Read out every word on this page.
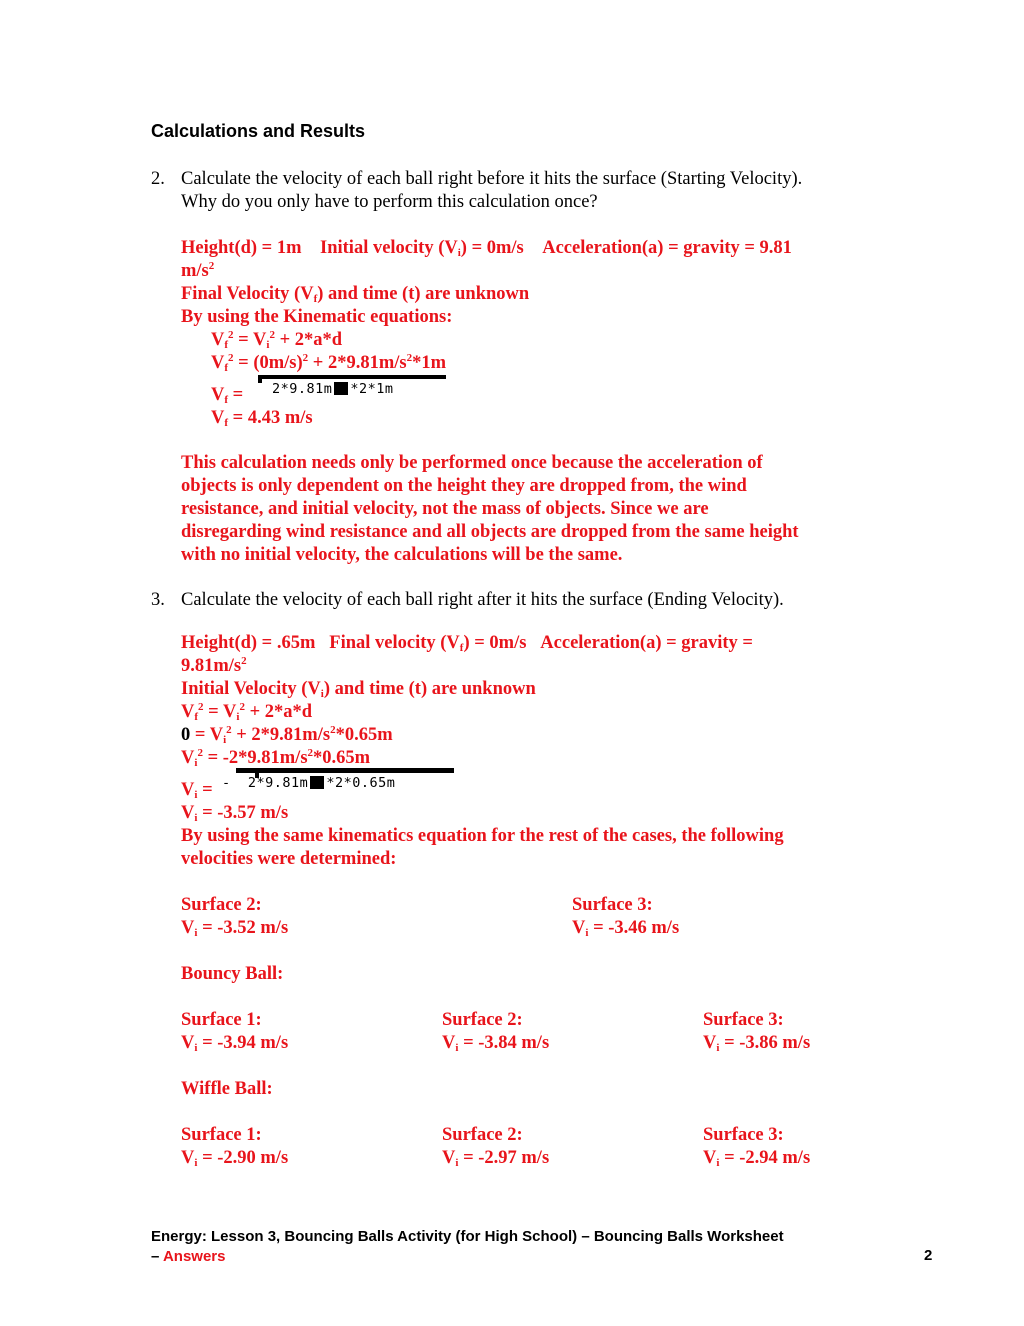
Calculations and Results
2. Calculate the velocity of each ball right before it hits the surface (Starting Velocity).
Why do you only have to perform this calculation once?
Height(d) = 1m Initial velocity $(V_i) = 0m/s$ Acceleration(a) = gravity = 9.81
$m/s^2$
Final Velocity $(V_f)$ and time (t) are unknown
By using the Kinematic equations:
$V_f^2 = V_i^2 + 2*a*d$
$V_f^2 = (0m/s)^2 + 2*9.81m/s^2*1m$
$V_f = 2*9.81m$ *2*1m
$V_f = 4.43$ m/s
This calculation needs only be performed once because the acceleration of
objects is only dependent on the height they are dropped from, the wind
resistance, and initial velocity, not the mass of objects. Since we are
disregarding wind resistance and all objects are dropped from the same height
with no initial velocity, the calculations will be the same.
3. Calculate the velocity of each ball right after it hits the surface (Ending Velocity).
Height(d) = .65m Final velocity $(V_f) = 0m/s$ Acceleration(a) = gravity =
$9.81m/s^2$
Initial Velocity $(V_i)$ and time (t) are unknown
$V_f^2 = V_i^2 + 2*a*d$
$0 = V_i^2 + 2*9.81m/s^2*0.65m$
$V_i^2 = -2*9.81m/s^2*0.65m$
$V_i$ = - 2*9.81m *2*0.65m
$V_i = -3.57$ m/s
By using the same kinematics equation for the rest of the cases, the following
velocities were determined:
Surface 2:
$V_i = -3.52$ m/s
Surface 3:
$V_i = -3.46$ m/s
Bouncy Ball:
Surface 1:
$V_i = -3.94$ m/s
Surface 2:
$V_i = -3.84$ m/s
Surface 3:
$V_i = -3.86$ m/s
Wiffle Ball:
Surface 1:
$V_i = -2.90$ m/s
Surface 2:
$V_i = -2.97$ m/s
Surface 3:
$V_i = -2.94$ m/s
Energy: Lesson 3, Bouncing Balls Activity (for High School) – Bouncing Balls Worksheet
– Answers	2
